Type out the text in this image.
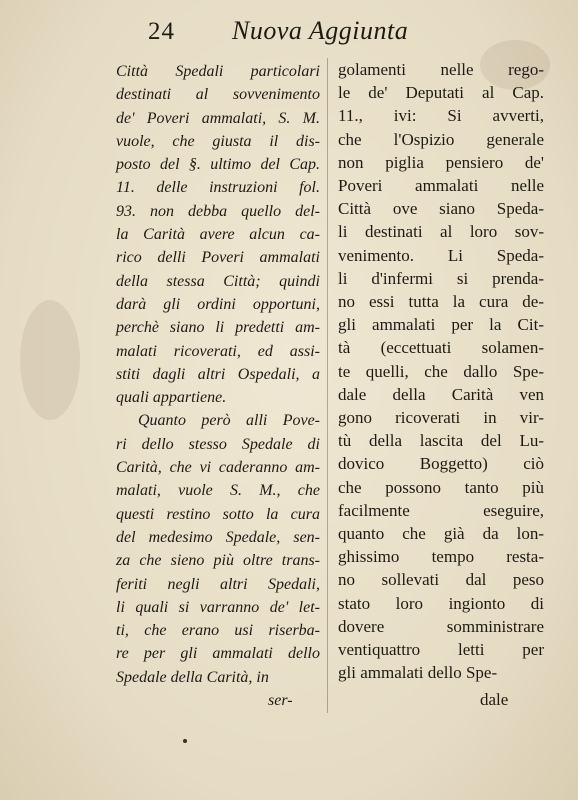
24 Nuova Aggiunta
Città Spedali particolari
destinati al sovvenimento
de' Poveri ammalati, S. M.
vuole, che giusta il dis-
posto del §. ultimo del Cap.
11. delle instruzioni fol.
93. non debba quello del-
la Carità avere alcun ca-
rico delli Poveri ammalati
della stessa Città; quindi
darà gli ordini opportuni,
perchè siano li predetti am-
malati ricoverati, ed assi-
stiti dagli altri Ospedali, a
quali appartiene.
Quanto però alli Pove-
ri dello stesso Spedale di
Carità, che vi caderanno am-
malati, vuole S. M., che
questi restino sotto la cura
del medesimo Spedale, sen-
za che sieno più oltre trans-
feriti negli altri Spedali,
li quali si varranno de' let-
ti, che erano usi riserba-
re per gli ammalati dello
Spedale della Carità, in
golamenti nelle rego-
le de' Deputati al Cap.
11., ivi: Si avverti,
che l'Ospizio generale
non piglia pensiero de'
Poveri ammalati nelle
Città ove siano Speda-
li destinati al loro sov-
venimento. Li Speda-
li d'infermi si prenda-
no essi tutta la cura de-
gli ammalati per la Cit-
tà (eccettuati solamen-
te quelli, che dallo Spe-
dale della Carità ven
gono ricoverati in vir-
tù della lascita del Lu-
dovico Boggetto) ciò
che possono tanto più
facilmente eseguire,
quanto che già da lon-
ghissimo tempo resta-
no sollevati dal peso
stato loro ingionto di
dovere somministrare
ventiquattro letti per
gli ammalati dello Spe-
ser-	dale
